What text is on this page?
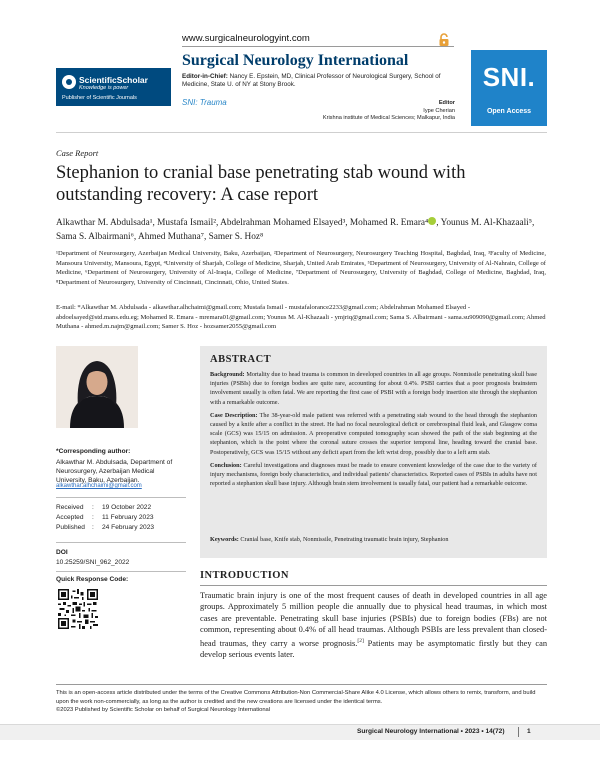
www.surgicalneurologyint.com
ScientificScholar
Knowledge is power
Publisher of Scientific Journals
Surgical Neurology International
Editor-in-Chief: Nancy E. Epstein, MD, Clinical Professor of Neurological Surgery, School of Medicine, State U. of NY at Stony Brook.
SNI: Trauma	Editor
Iype Cherian
Krishna institute of Medical Sciences; Malkapur, India
SNI.
Open Access
Case Report
Stephanion to cranial base penetrating stab wound with outstanding recovery: A case report
Alkawthar M. Abdulsada¹, Mustafa Ismail², Abdelrahman Mohamed Elsayed³, Mohamed R. Emara⁴ , Younus M. Al-Khazaali⁵,
Sama S. Albairmani⁶, Ahmed Muthana⁷, Samer S. Hoz⁸
¹Department of Neurosurgery, Azerbaijan Medical University, Baku, Azerbaijan, ²Department of Neurosurgery, Neurosurgery Teaching Hospital, Baghdad, Iraq, ³Faculty of Medicine, Mansoura University, Mansoura, Egypt, ⁴University of Sharjah, College of Medicine, Sharjah, United Arab Emirates, ⁵Department of Neurosurgery, University of Al-Nahrain, College of Medicine, ⁶Department of Neurosurgery, University of Al-Iraqia, College of Medicine, ⁷Department of Neurosurgery, University of Baghdad, College of Medicine, Baghdad, Iraq, ⁸Department of Neurosurgery, University of Cincinnati, Cincinnati, Ohio, United States.
E-mail: *Alkawthar M. Abdulsada - alkawthar.alhchaimi@gmail.com; Mustafa Ismail - mustafalorance2233@gmail.com; Abdelrahman Mohamed Elsayed - abdoelsayed@std.mans.edu.eg; Mohamed R. Emara - mremara01@gmail.com; Younus M. Al-Khazaali - ymjriq@gmail.com; Sama S. Albairmani - sama.su909090@gmail.com; Ahmed Muthana - ahmed.m.najm@gmail.com; Samer S. Hoz - hozsamer2055@gmail.com
*Corresponding author:
Alkawthar M. Abdulsada, Department of Neurosurgery, Azerbaijan Medical University, Baku, Azerbaijan.
alkawthar.alhchaimi@gmail.com
Received	:	19 October 2022
Accepted	:	11 February 2023
Published	:	24 February 2023
DOI
10.25259/SNI_962_2022
Quick Response Code:
ABSTRACT

Background: Mortality due to head trauma is common in developed countries in all age groups. Nonmissile penetrating skull base injuries (PSBIs) due to foreign bodies are quite rare, accounting for about 0.4%. PSBI carries that a poor prognosis brainstem involvement usually is often fatal. We are reporting the first case of PSBI with a foreign body insertion site through the stephanion with a remarkable outcome.

Case Description: The 38-year-old male patient was referred with a penetrating stab wound to the head through the stephanion caused by a knife after a conflict in the street. He had no focal neurological deficit or cerebrospinal fluid leak, and Glasgow coma scale (GCS) was 15/15 on admission. A preoperative computed tomography scan showed the path of the stab beginning at the stephanion, which is the point where the coronal suture crosses the superior temporal line, heading toward the cranial base. Postoperatively, GCS was 15/15 without any deficit apart from the left wrist drop, possibly due to a left arm stab.

Conclusion: Careful investigations and diagnoses must be made to ensure convenient knowledge of the case due to the variety of injury mechanisms, foreign body characteristics, and individual patients' characteristics. Reported cases of PSBIs in adults have not reported a stephanion skull base injury. Although brain stem involvement is usually fatal, our patient had a remarkable outcome.

Keywords: Cranial base, Knife stab, Nonmissile, Penetrating traumatic brain injury, Stephanion
INTRODUCTION
Traumatic brain injury is one of the most frequent causes of death in developed countries in all age groups. Approximately 5 million people die annually due to physical head traumas, in which most cases are preventable. Penetrating skull base injuries (PSBIs) due to foreign bodies (FBs) are not common, representing about 0.4% of all head traumas. Although PSBIs are less prevalent than closed-head traumas, they carry a worse prognosis.[2] Patients may be asymptomatic firstly but they can develop serious events later.
This is an open-access article distributed under the terms of the Creative Commons Attribution-Non Commercial-Share Alike 4.0 License, which allows others to remix, transform, and build upon the work non-commercially, as long as the author is credited and the new creations are licensed under the identical terms.
©2023 Published by Scientific Scholar on behalf of Surgical Neurology International
Surgical Neurology International • 2023 • 14(72)	1
